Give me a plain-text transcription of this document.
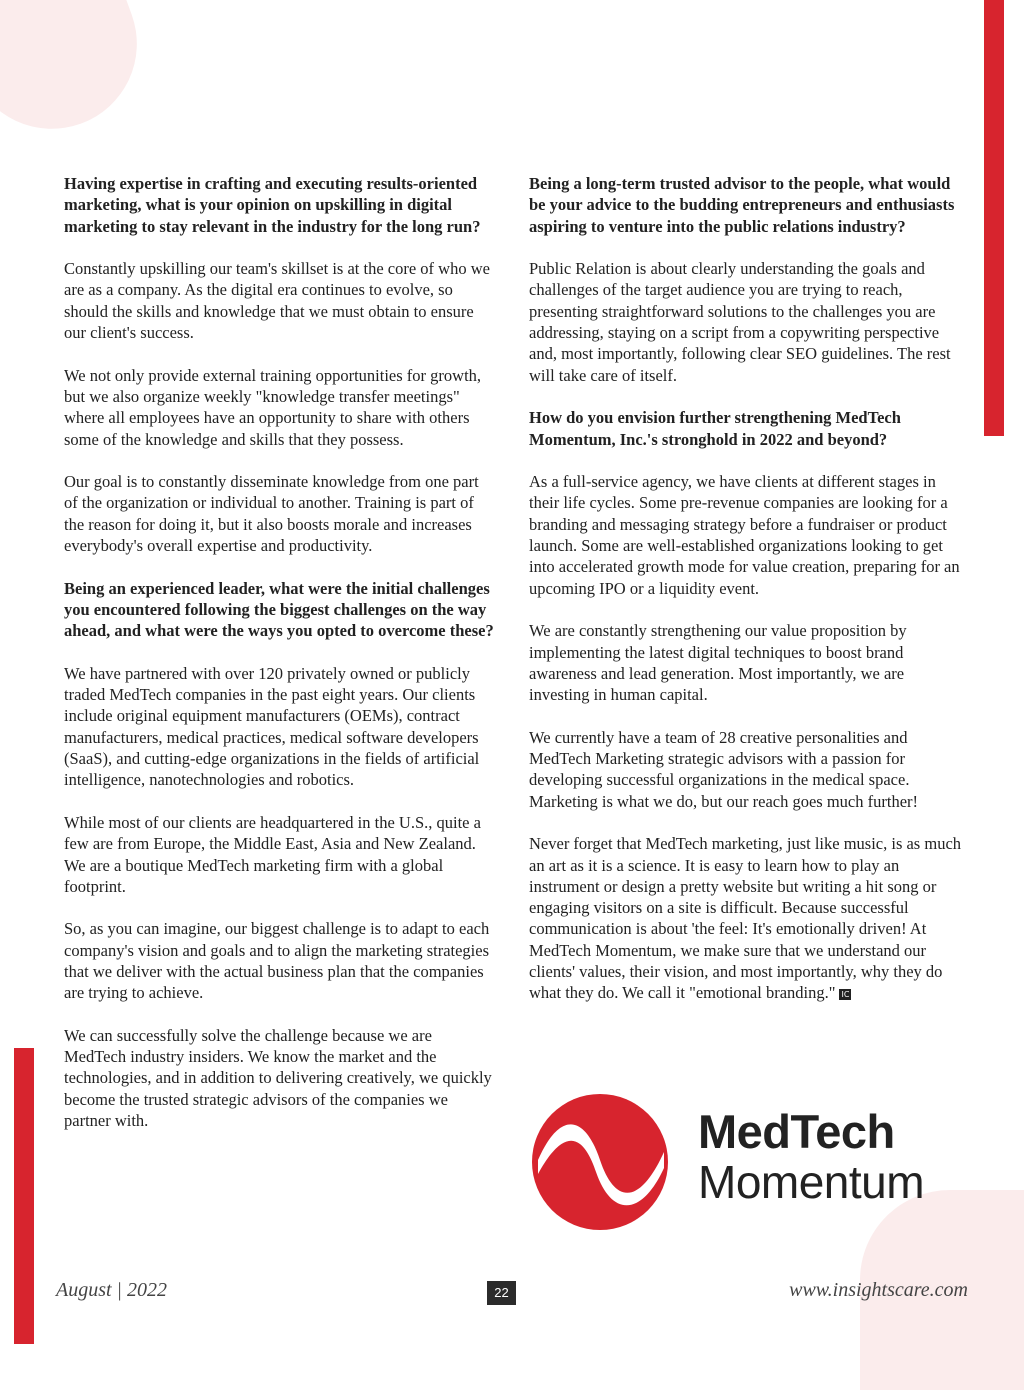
Having expertise in crafting and executing results-oriented marketing, what is your opinion on upskilling in digital marketing to stay relevant in the industry for the long run?

Constantly upskilling our team's skillset is at the core of who we are as a company. As the digital era continues to evolve, so should the skills and knowledge that we must obtain to ensure our client's success.

We not only provide external training opportunities for growth, but we also organize weekly "knowledge transfer meetings" where all employees have an opportunity to share with others some of the knowledge and skills that they possess.

Our goal is to constantly disseminate knowledge from one part of the organization or individual to another. Training is part of the reason for doing it, but it also boosts morale and increases everybody's overall expertise and productivity.

Being an experienced leader, what were the initial challenges you encountered following the biggest challenges on the way ahead, and what were the ways you opted to overcome these?

We have partnered with over 120 privately owned or publicly traded MedTech companies in the past eight years. Our clients include original equipment manufacturers (OEMs), contract manufacturers, medical practices, medical software developers (SaaS), and cutting-edge organizations in the fields of artificial intelligence, nanotechnologies and robotics.

While most of our clients are headquartered in the U.S., quite a few are from Europe, the Middle East, Asia and New Zealand. We are a boutique MedTech marketing firm with a global footprint.

So, as you can imagine, our biggest challenge is to adapt to each company's vision and goals and to align the marketing strategies that we deliver with the actual business plan that the companies are trying to achieve.

We can successfully solve the challenge because we are MedTech industry insiders. We know the market and the technologies, and in addition to delivering creatively, we quickly become the trusted strategic advisors of the companies we partner with.

Being a long-term trusted advisor to the people, what would be your advice to the budding entrepreneurs and enthusiasts aspiring to venture into the public relations industry?

Public Relation is about clearly understanding the goals and challenges of the target audience you are trying to reach, presenting straightforward solutions to the challenges you are addressing, staying on a script from a copywriting perspective and, most importantly, following clear SEO guidelines. The rest will take care of itself.

How do you envision further strengthening MedTech Momentum, Inc.'s stronghold in 2022 and beyond?

As a full-service agency, we have clients at different stages in their life cycles. Some pre-revenue companies are looking for a branding and messaging strategy before a fundraiser or product launch. Some are well-established organizations looking to get into accelerated growth mode for value creation, preparing for an upcoming IPO or a liquidity event.

We are constantly strengthening our value proposition by implementing the latest digital techniques to boost brand awareness and lead generation. Most importantly, we are investing in human capital.

We currently have a team of 28 creative personalities and MedTech Marketing strategic advisors with a passion for developing successful organizations in the medical space. Marketing is what we do, but our reach goes much further!

Never forget that MedTech marketing, just like music, is as much an art as it is a science. It is easy to learn how to play an instrument or design a pretty website but writing a hit song or engaging visitors on a site is difficult. Because successful communication is about 'the feel: It's emotionally driven! At MedTech Momentum, we make sure that we understand our clients' values, their vision, and most importantly, why they do what they do. We call it "emotional branding." IC

MedTech
Momentum
August | 2022	22	www.insightscare.com
